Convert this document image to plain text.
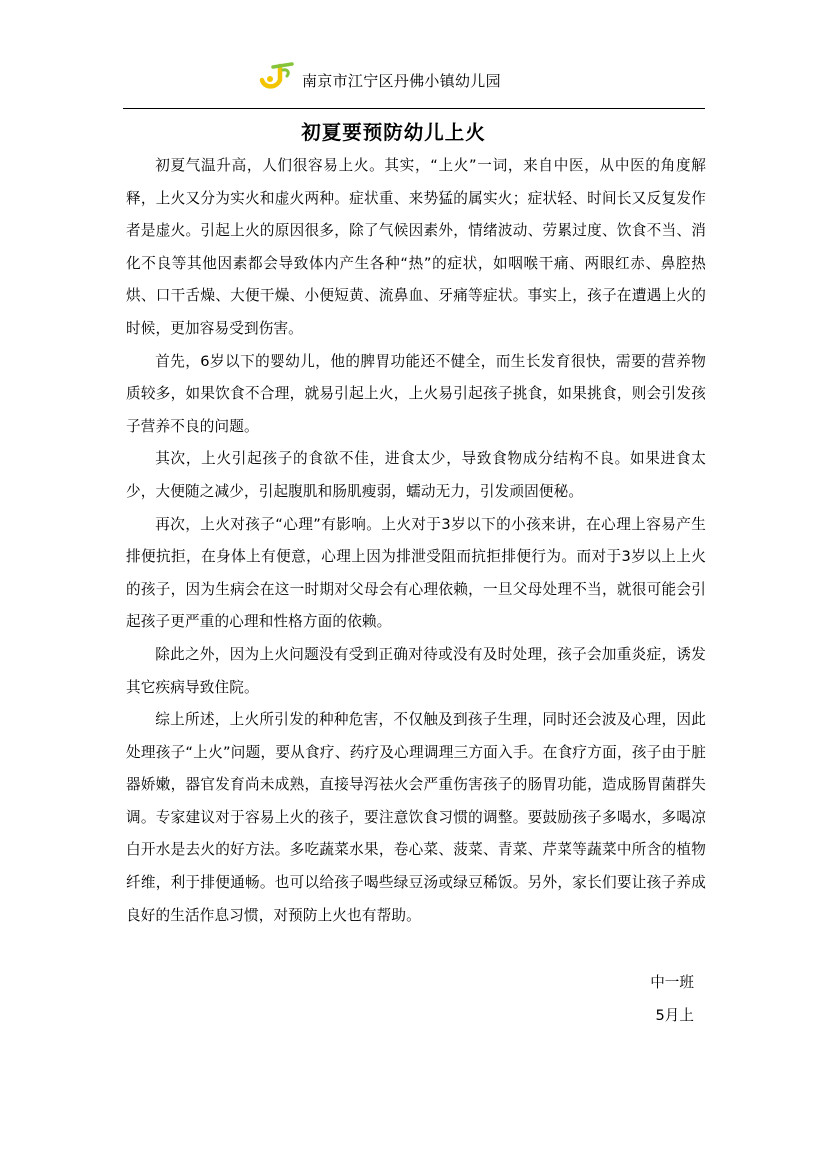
南京市江宁区丹佛小镇幼儿园
初夏要预防幼儿上火

初夏气温升高，人们很容易上火。其实，“上火”一词，来自中医，从中医的角度解释，上火又分为实火和虚火两种。症状重、来势猛的属实火；症状轻、时间长又反复发作者是虚火。引起上火的原因很多，除了气候因素外，情绪波动、劳累过度、饮食不当、消化不良等其他因素都会导致体内产生各种“热”的症状，如咽喉干痛、两眼红赤、鼻腔热烘、口干舌燥、大便干燥、小便短黄、流鼻血、牙痛等症状。事实上，孩子在遭遇上火的时候，更加容易受到伤害。

首先，6岁以下的婴幼儿，他的脾胃功能还不健全，而生长发育很快，需要的营养物质较多，如果饮食不合理，就易引起上火，上火易引起孩子挑食，如果挑食，则会引发孩子营养不良的问题。

其次，上火引起孩子的食欲不佳，进食太少，导致食物成分结构不良。如果进食太少，大便随之减少，引起腹肌和肠肌瘦弱，蠕动无力，引发顽固便秘。

再次，上火对孩子“心理”有影响。上火对于3岁以下的小孩来讲，在心理上容易产生排便抗拒，在身体上有便意，心理上因为排泄受阻而抗拒排便行为。而对于3岁以上上火的孩子，因为生病会在这一时期对父母会有心理依赖，一旦父母处理不当，就很可能会引起孩子更严重的心理和性格方面的依赖。

除此之外，因为上火问题没有受到正确对待或没有及时处理，孩子会加重炎症，诱发其它疾病导致住院。

综上所述，上火所引发的种种危害，不仅触及到孩子生理，同时还会波及心理，因此处理孩子“上火”问题，要从食疗、药疗及心理调理三方面入手。在食疗方面，孩子由于脏器娇嫩，器官发育尚未成熟，直接导泻祛火会严重伤害孩子的肠胃功能，造成肠胃菌群失调。专家建议对于容易上火的孩子，要注意饮食习惯的调整。要鼓励孩子多喝水，多喝凉白开水是去火的好方法。多吃蔬菜水果，卷心菜、菠菜、青菜、芹菜等蔬菜中所含的植物纤维，利于排便通畅。也可以给孩子喝些绿豆汤或绿豆稀饭。另外，家长们要让孩子养成良好的生活作息习惯，对预防上火也有帮助。

中一班
5月上
